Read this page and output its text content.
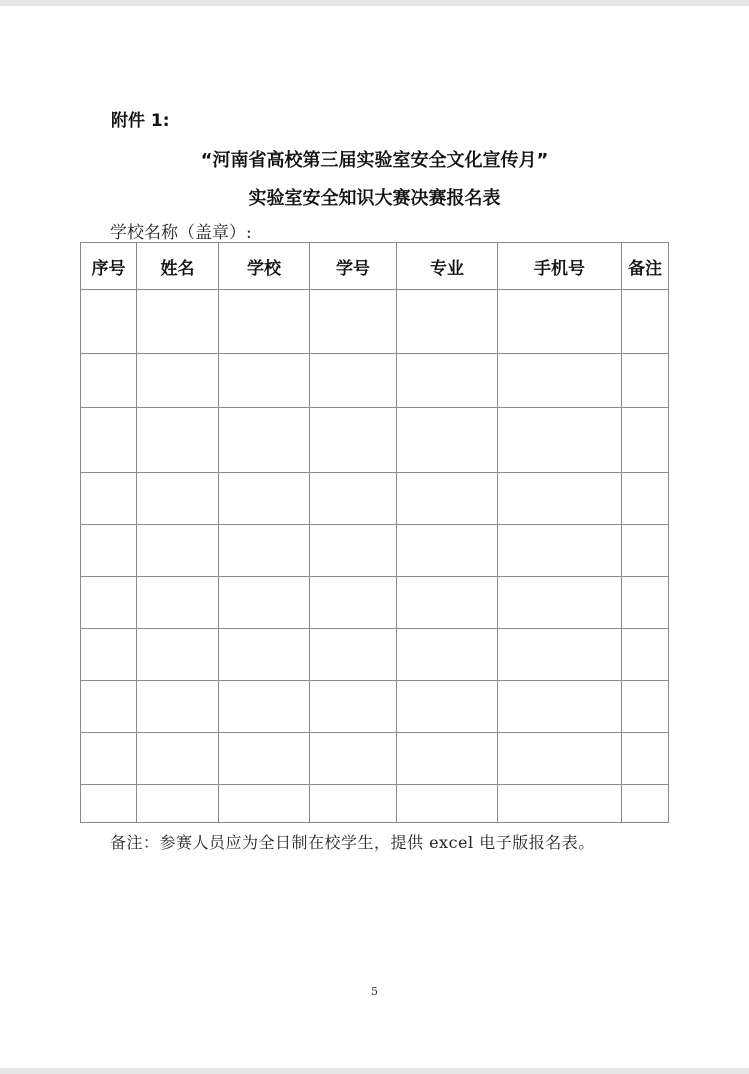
附件 1:

“河南省高校第三届实验室安全文化宣传月”

实验室安全知识大赛决赛报名表

学校名称（盖章）:

序号	姓名	学校	学号	专业	手机号	备注

备注：参赛人员应为全日制在校学生，提供 excel 电子版报名表。

5
